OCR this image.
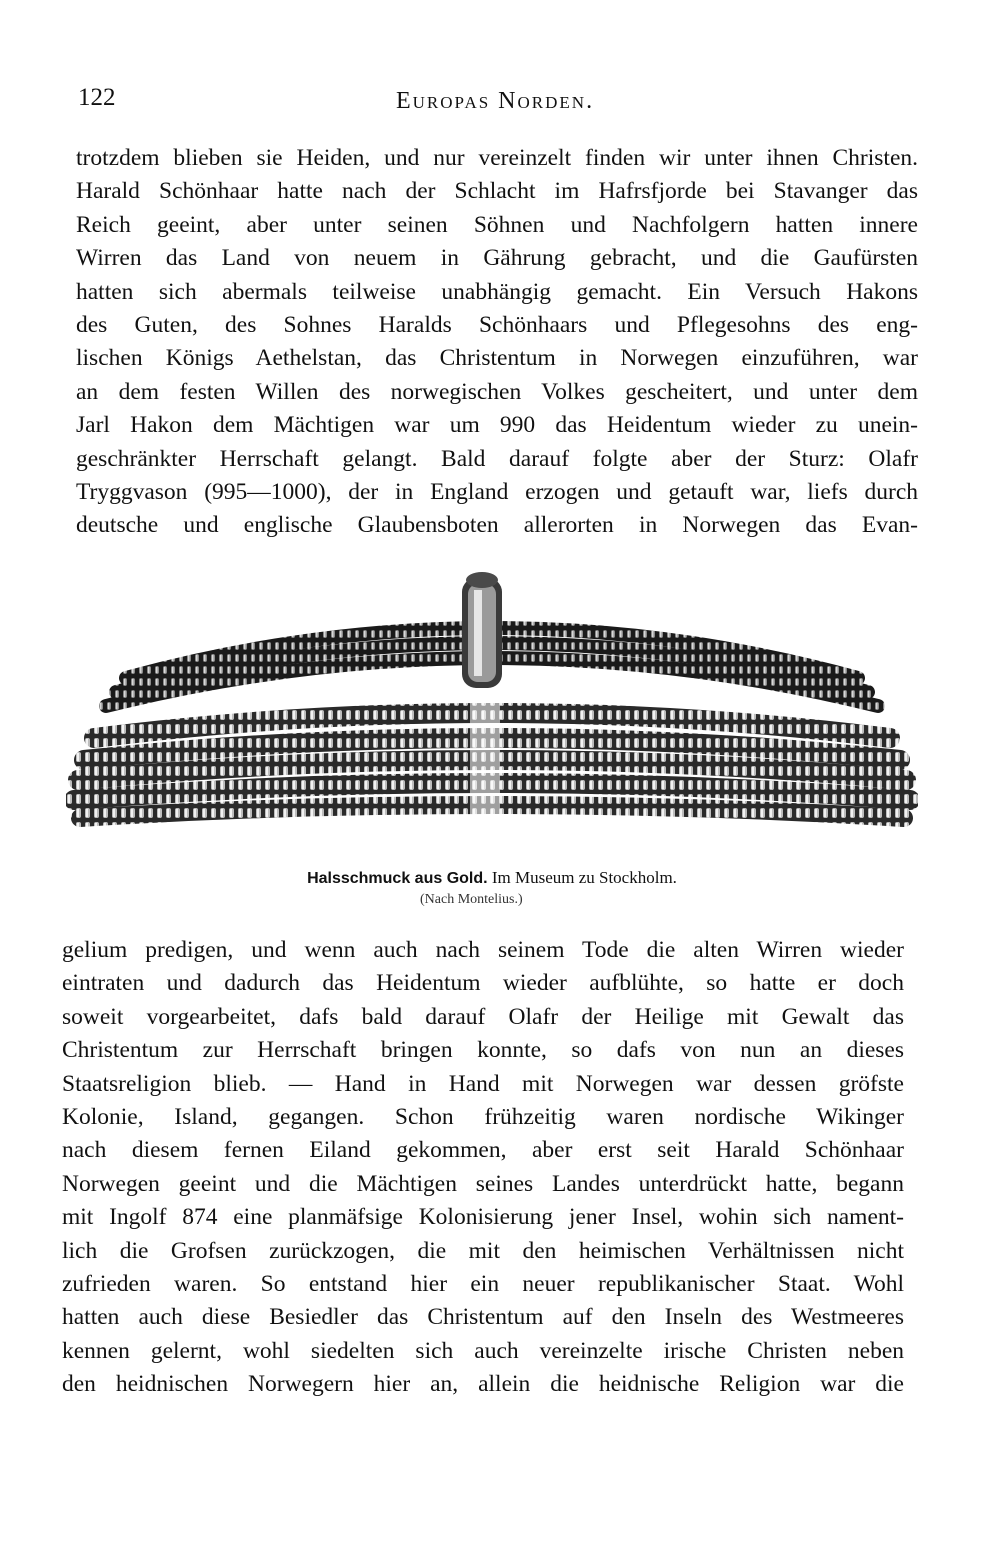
122	Europas Norden.
trotzdem blieben sie Heiden, und nur vereinzelt finden wir unter ihnen Christen.
Harald Schönhaar hatte nach der Schlacht im Hafrsfjorde bei Stavanger das
Reich geeint, aber unter seinen Söhnen und Nachfolgern hatten innere
Wirren das Land von neuem in Gährung gebracht, und die Gaufürsten
hatten sich abermals teilweise unabhängig gemacht. Ein Versuch Hakons
des Guten, des Sohnes Haralds Schönhaars und Pflegesohns des eng-
lischen Königs Aethelstan, das Christentum in Norwegen einzuführen, war
an dem festen Willen des norwegischen Volkes gescheitert, und unter dem
Jarl Hakon dem Mächtigen war um 990 das Heidentum wieder zu unein-
geschränkter Herrschaft gelangt. Bald darauf folgte aber der Sturz: Olafr
Tryggvason (995—1000), der in England erzogen und getauft war, liefs durch
deutsche und englische Glaubensboten allerorten in Norwegen das Evan-
Halsschmuck aus Gold. Im Museum zu Stockholm.
(Nach Montelius.)
gelium predigen, und wenn auch nach seinem Tode die alten Wirren wieder
eintraten und dadurch das Heidentum wieder aufblühte, so hatte er doch
soweit vorgearbeitet, dafs bald darauf Olafr der Heilige mit Gewalt das
Christentum zur Herrschaft bringen konnte, so dafs von nun an dieses
Staatsreligion blieb. — Hand in Hand mit Norwegen war dessen gröfste
Kolonie, Island, gegangen. Schon frühzeitig waren nordische Wikinger
nach diesem fernen Eiland gekommen, aber erst seit Harald Schönhaar
Norwegen geeint und die Mächtigen seines Landes unterdrückt hatte, begann
mit Ingolf 874 eine planmäfsige Kolonisierung jener Insel, wohin sich nament-
lich die Grofsen zurückzogen, die mit den heimischen Verhältnissen nicht
zufrieden waren. So entstand hier ein neuer republikanischer Staat. Wohl
hatten auch diese Besiedler das Christentum auf den Inseln des Westmeeres
kennen gelernt, wohl siedelten sich auch vereinzelte irische Christen neben
den heidnischen Norwegern hier an, allein die heidnische Religion war die
